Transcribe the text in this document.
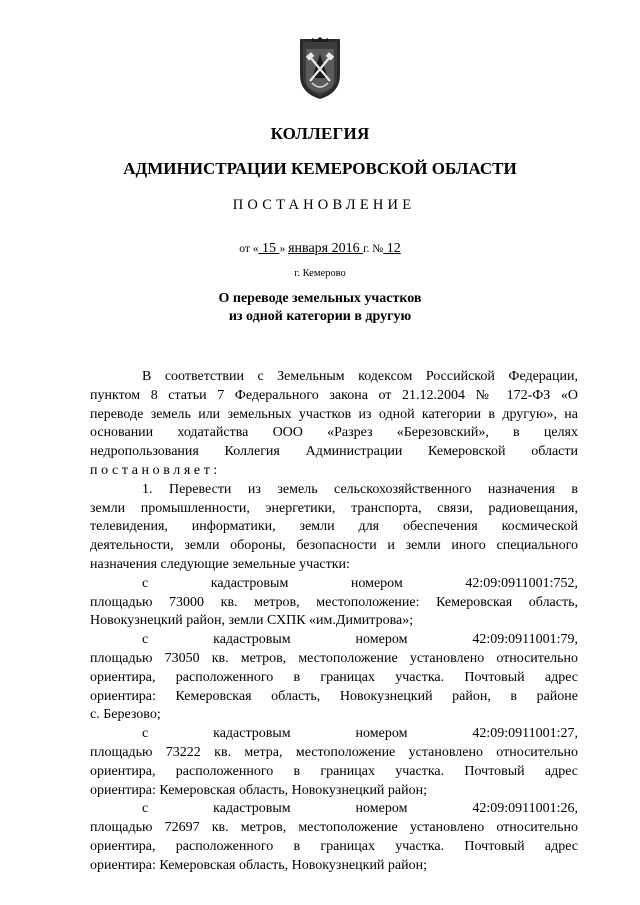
КОЛЛЕГИЯ
АДМИНИСТРАЦИИ КЕМЕРОВСКОЙ ОБЛАСТИ
ПОСТАНОВЛЕНИЕ
от « 15 » января 2016 г. № 12
г. Кемерово
О переводе земельных участков
из одной категории в другую
В соответствии с Земельным кодексом Российской Федерации,
пунктом 8 статьи 7 Федерального закона от 21.12.2004 № 172-ФЗ «О
переводе земель или земельных участков из одной категории в другую», на
основании ходатайства ООО «Разрез «Березовский», в целях
недропользования Коллегия Администрации Кемеровской области
постановляет:
1. Перевести из земель сельскохозяйственного назначения в
земли промышленности, энергетики, транспорта, связи, радиовещания,
телевидения, информатики, земли для обеспечения космической
деятельности, земли обороны, безопасности и земли иного специального
назначения следующие земельные участки:
с кадастровым номером 42:09:0911001:752,
площадью 73000 кв. метров, местоположение: Кемеровская область,
Новокузнецкий район, земли СХПК «им.Димитрова»;
с кадастровым номером 42:09:0911001:79,
площадью 73050 кв. метров, местоположение установлено относительно
ориентира, расположенного в границах участка. Почтовый адрес
ориентира: Кемеровская область, Новокузнецкий район, в районе
с. Березово;
с кадастровым номером 42:09:0911001:27,
площадью 73222 кв. метра, местоположение установлено относительно
ориентира, расположенного в границах участка. Почтовый адрес
ориентира: Кемеровская область, Новокузнецкий район;
с кадастровым номером 42:09:0911001:26,
площадью 72697 кв. метров, местоположение установлено относительно
ориентира, расположенного в границах участка. Почтовый адрес
ориентира: Кемеровская область, Новокузнецкий район;
